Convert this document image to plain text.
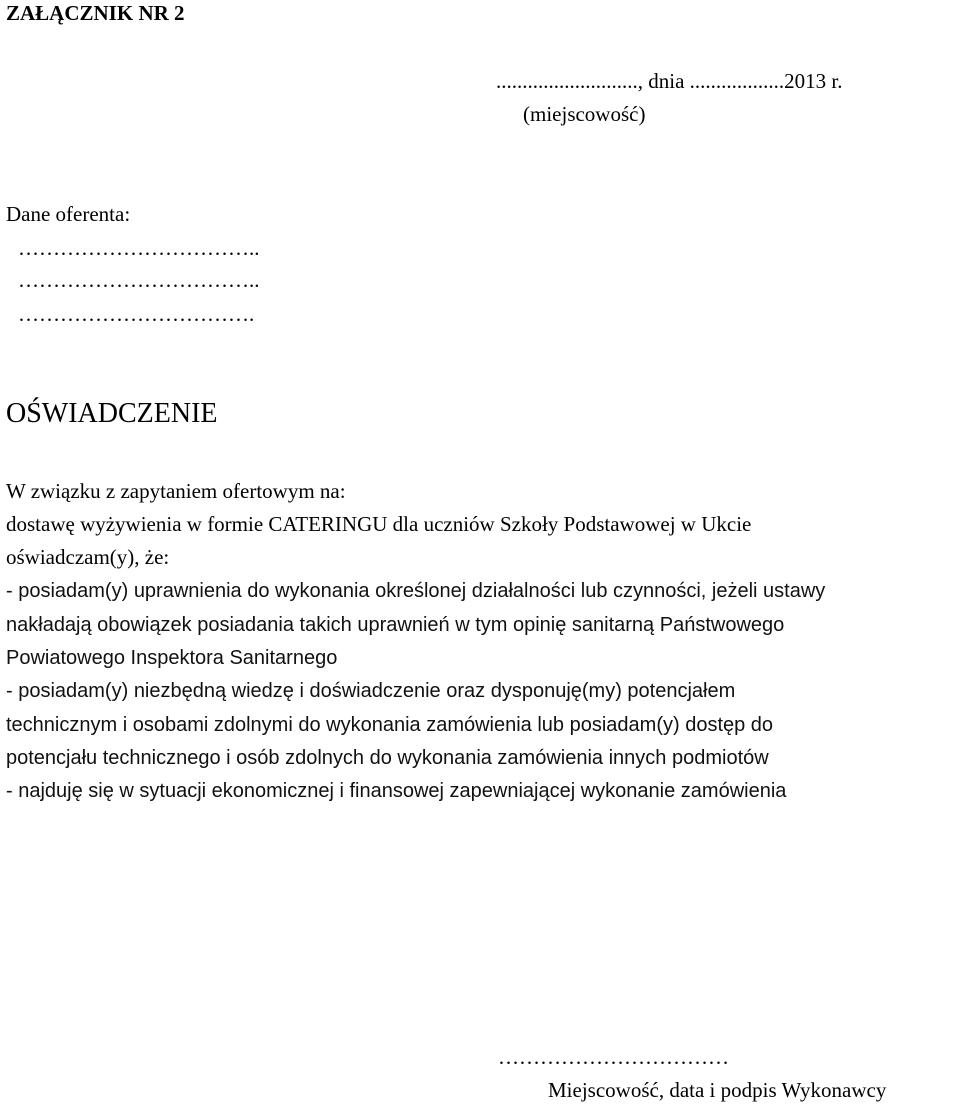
ZAŁĄCZNIK NR 2
..........................., dnia ..................2013 r.
(miejscowość)
Dane oferenta:
……………………………..
……………………………..
…………………………….
OŚWIADCZENIE
W związku z zapytaniem ofertowym na:
dostawę wyżywienia w formie CATERINGU dla uczniów Szkoły Podstawowej w Ukcie
oświadczam(y), że:
- posiadam(y) uprawnienia do wykonania określonej działalności lub czynności, jeżeli ustawy
nakładają obowiązek posiadania takich uprawnień w tym opinię sanitarną Państwowego
Powiatowego Inspektora Sanitarnego
- posiadam(y) niezbędną wiedzę i doświadczenie oraz dysponuję(my) potencjałem
technicznym i osobami zdolnymi do wykonania zamówienia lub posiadam(y) dostęp do
potencjału technicznego i osób zdolnych do wykonania zamówienia innych podmiotów
- najduję się w sytuacji ekonomicznej i finansowej zapewniającej wykonanie zamówienia
……………………………
Miejscowość, data i podpis Wykonawcy
